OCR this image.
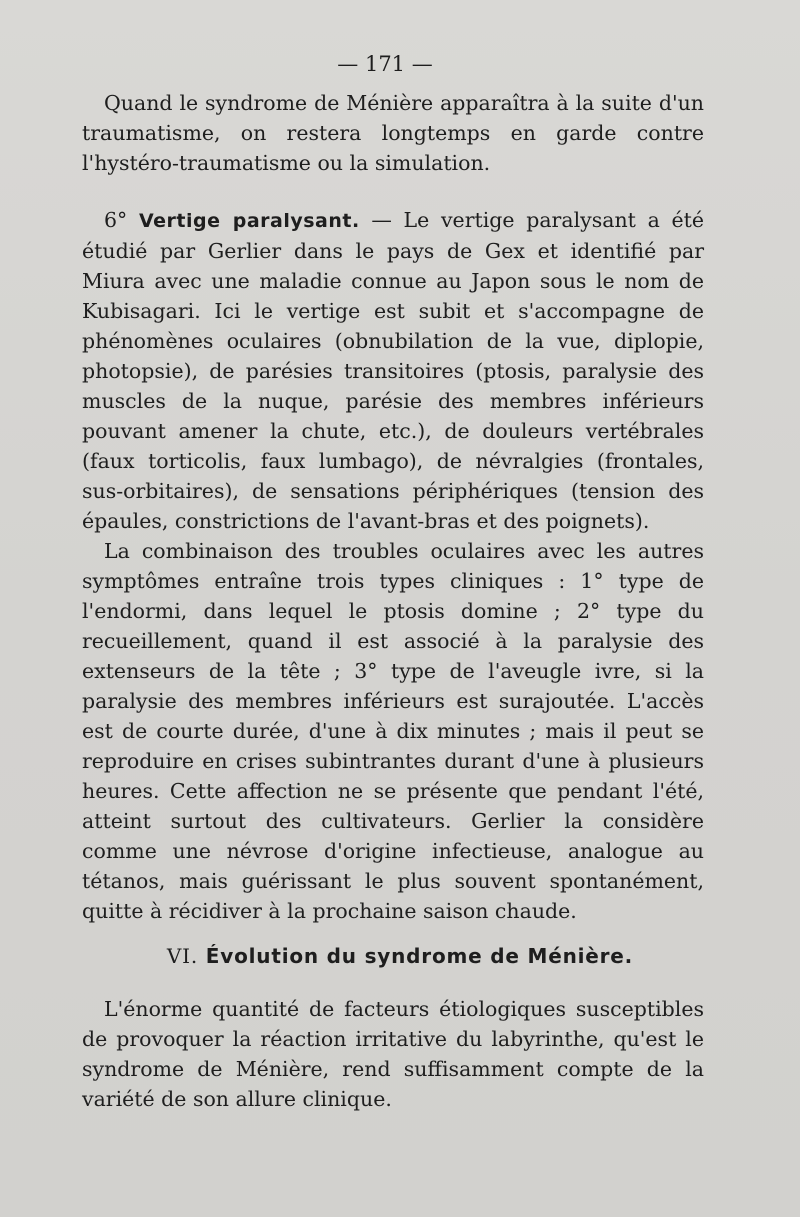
— 171 —

Quand le syndrome de Ménière apparaîtra à la suite d'un traumatisme, on restera longtemps en garde contre l'hystéro-traumatisme ou la simulation.

6° Vertige paralysant. — Le vertige paralysant a été étudié par Gerlier dans le pays de Gex et identifié par Miura avec une maladie connue au Japon sous le nom de Kubisagari. Ici le vertige est subit et s'accompagne de phénomènes oculaires (obnubilation de la vue, diplopie, photopsie), de parésies transitoires (ptosis, paralysie des muscles de la nuque, parésie des membres inférieurs pouvant amener la chute, etc.), de douleurs vertébrales (faux torticolis, faux lumbago), de névralgies (frontales, sus-orbitaires), de sensations périphériques (tension des épaules, constrictions de l'avant-bras et des poignets).

La combinaison des troubles oculaires avec les autres symptômes entraîne trois types cliniques : 1° type de l'endormi, dans lequel le ptosis domine ; 2° type du recueillement, quand il est associé à la paralysie des extenseurs de la tête ; 3° type de l'aveugle ivre, si la paralysie des membres inférieurs est surajoutée. L'accès est de courte durée, d'une à dix minutes ; mais il peut se reproduire en crises subintrantes durant d'une à plusieurs heures. Cette affection ne se présente que pendant l'été, atteint surtout des cultivateurs. Gerlier la considère comme une névrose d'origine infectieuse, analogue au tétanos, mais guérissant le plus souvent spontanément, quitte à récidiver à la prochaine saison chaude.

VI. Évolution du syndrome de Ménière.

L'énorme quantité de facteurs étiologiques susceptibles de provoquer la réaction irritative du labyrinthe, qu'est le syndrome de Ménière, rend suffisamment compte de la variété de son allure clinique.
